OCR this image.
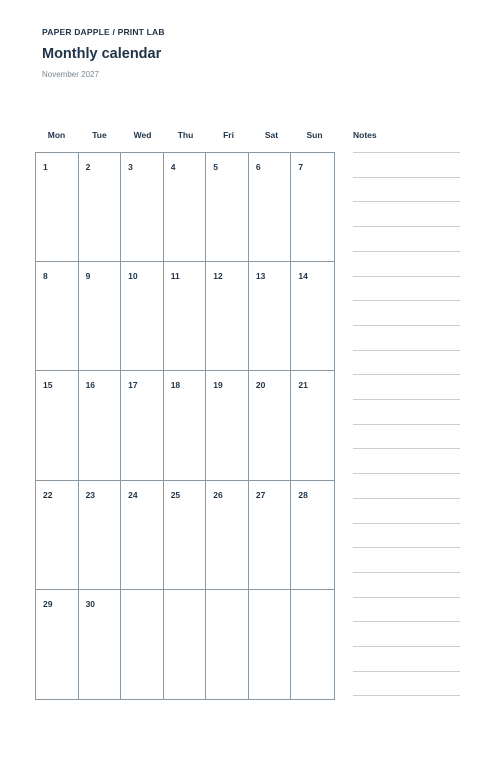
PAPER DAPPLE / PRINT LAB
Monthly calendar
November 2027
Mon	Tue	Wed	Thu	Fri	Sat	Sun
1	2	3	4	5	6	7
8	9	10	11	12	13	14
15	16	17	18	19	20	21
22	23	24	25	26	27	28
29	30
Notes
